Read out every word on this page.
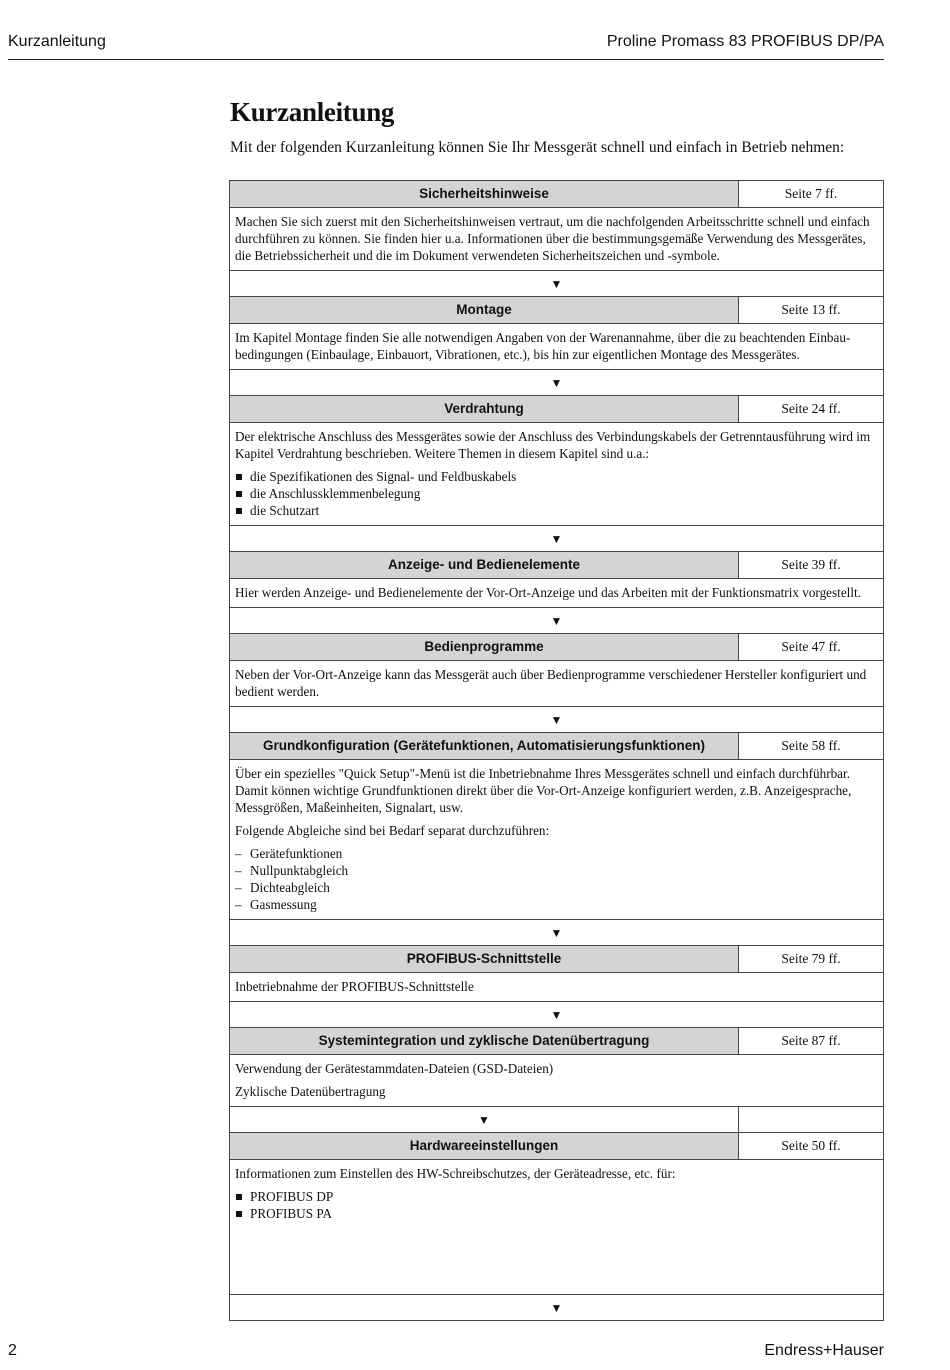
Kurzanleitung	Proline Promass 83 PROFIBUS DP/PA
Kurzanleitung

Mit der folgenden Kurzanleitung können Sie Ihr Messgerät schnell und einfach in Betrieb nehmen:

Sicherheitshinweise	Seite 7 ff.

Machen Sie sich zuerst mit den Sicherheitshinweisen vertraut, um die nachfolgenden Arbeitsschritte schnell und einfach durchführen zu können. Sie finden hier u.a. Informationen über die bestimmungsgemäße Verwendung des Messgerätes, die Betriebssicherheit und die im Dokument verwendeten Sicherheitszeichen und -symbole.

▼
Montage	Seite 13 ff.

Im Kapitel Montage finden Sie alle notwendigen Angaben von der Warenannahme, über die zu beachtenden Einbau-bedingungen (Einbaulage, Einbauort, Vibrationen, etc.), bis hin zur eigentlichen Montage des Messgerätes.

▼
Verdrahtung	Seite 24 ff.

Der elektrische Anschluss des Messgerätes sowie der Anschluss des Verbindungskabels der Getrenntausführung wird im Kapitel Verdrahtung beschrieben. Weitere Themen in diesem Kapitel sind u.a.:

die Spezifikationen des Signal- und Feldbuskabels
die Anschlussklemmenbelegung
die Schutzart
▼
Anzeige- und Bedienelemente	Seite 39 ff.

Hier werden Anzeige- und Bedienelemente der Vor-Ort-Anzeige und das Arbeiten mit der Funktionsmatrix vorgestellt.

▼
Bedienprogramme	Seite 47 ff.

Neben der Vor-Ort-Anzeige kann das Messgerät auch über Bedienprogramme verschiedener Hersteller konfiguriert und bedient werden.

▼
Grundkonfiguration (Gerätefunktionen, Automatisierungsfunktionen)	Seite 58 ff.

Über ein spezielles "Quick Setup"-Menü ist die Inbetriebnahme Ihres Messgerätes schnell und einfach durchführbar. Damit können wichtige Grundfunktionen direkt über die Vor-Ort-Anzeige konfiguriert werden, z.B. Anzeigesprache, Messgrößen, Maßeinheiten, Signalart, usw.

Folgende Abgleiche sind bei Bedarf separat durchzuführen:

– Gerätefunktionen
– Nullpunktabgleich
– Dichteabgleich
– Gasmessung
▼
PROFIBUS-Schnittstelle	Seite 79 ff.

Inbetriebnahme der PROFIBUS-Schnittstelle

▼
Systemintegration und zyklische Datenübertragung	Seite 87 ff.

Verwendung der Gerätestammdaten-Dateien (GSD-Dateien)

Zyklische Datenübertragung

▼
Hardwareeinstellungen	Seite 50 ff.

Informationen zum Einstellen des HW-Schreibschutzes, der Geräteadresse, etc. für:

PROFIBUS DP
PROFIBUS PA
▼
2	Endress+Hauser
